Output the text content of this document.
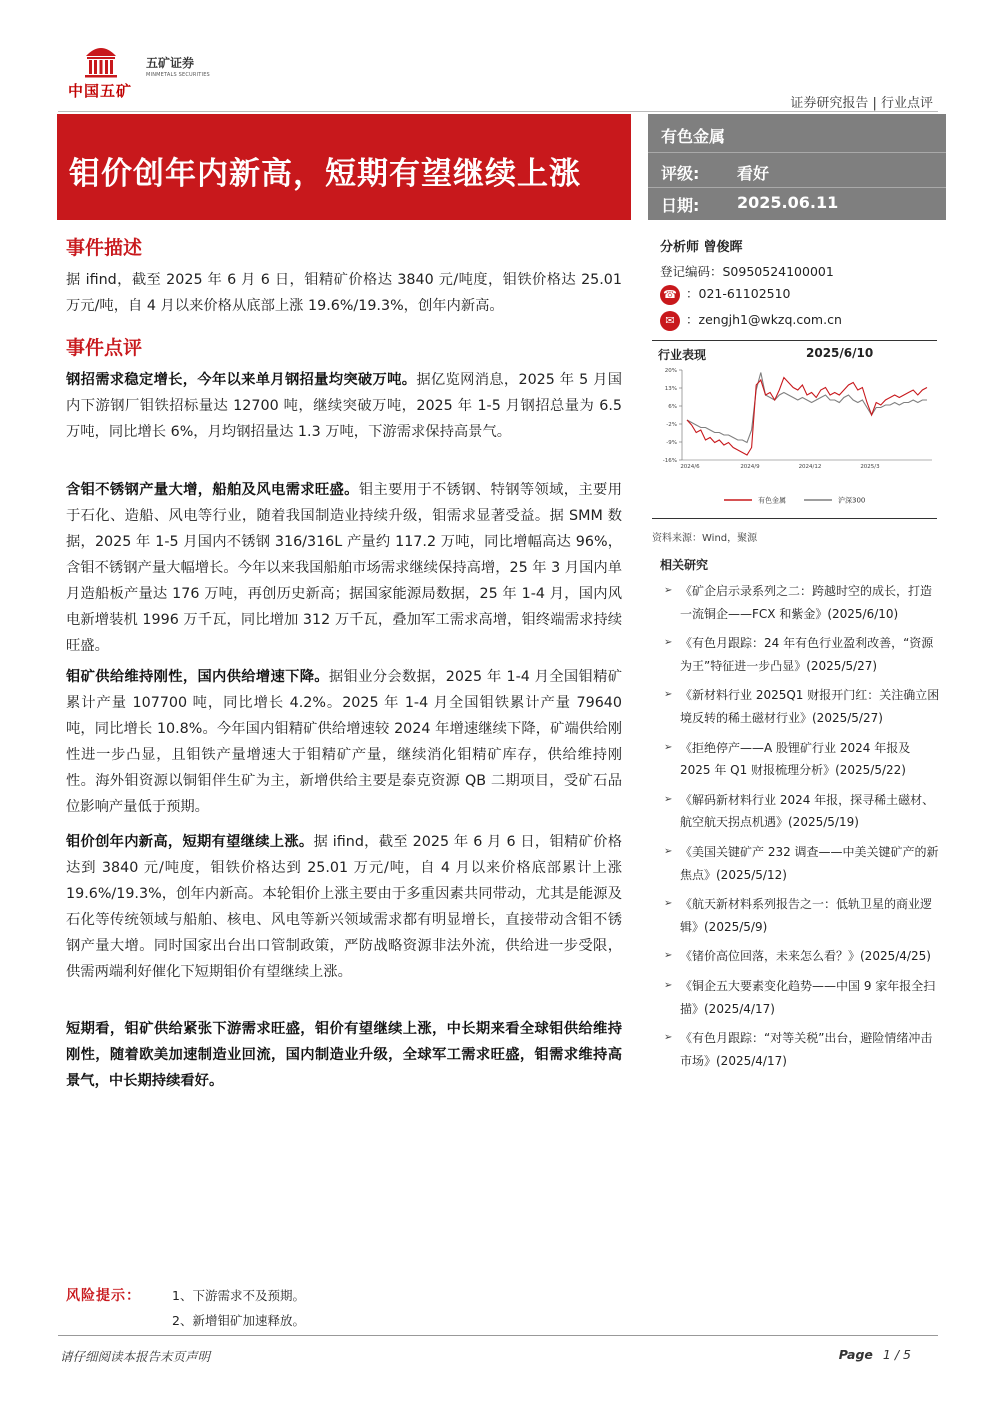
中国五矿
五矿证券
MINMETALS SECURITIES
证券研究报告 | 行业点评
钼价创年内新高，短期有望继续上涨
有色金属
评级: 看好
日期: 2025.06.11
事件描述
据 ifind，截至 2025 年 6 月 6 日，钼精矿价格达 3840 元/吨度，钼铁价格达 25.01 万元/吨，自 4 月以来价格从底部上涨 19.6%/19.3%，创年内新高。
事件点评
钢招需求稳定增长，今年以来单月钢招量均突破万吨。据亿览网消息，2025 年 5 月国内下游钢厂钼铁招标量达 12700 吨，继续突破万吨，2025 年 1-5 月钢招总量为 6.5 万吨，同比增长 6%，月均钢招量达 1.3 万吨，下游需求保持高景气。
含钼不锈钢产量大增，船舶及风电需求旺盛。钼主要用于不锈钢、特钢等领域，主要用于石化、造船、风电等行业，随着我国制造业持续升级，钼需求显著受益。据 SMM 数据，2025 年 1-5 月国内不锈钢 316/316L 产量约 117.2 万吨，同比增幅高达 96%，含钼不锈钢产量大幅增长。今年以来我国船舶市场需求继续保持高增，25 年 3 月国内单月造船板产量达 176 万吨，再创历史新高；据国家能源局数据，25 年 1-4 月，国内风电新增装机 1996 万千瓦，同比增加 312 万千瓦，叠加军工需求高增，钼终端需求持续旺盛。
钼矿供给维持刚性，国内供给增速下降。据钼业分会数据，2025 年 1-4 月全国钼精矿累计产量 107700 吨，同比增长 4.2%。2025 年 1-4 月全国钼铁累计产量 79640 吨，同比增长 10.8%。今年国内钼精矿供给增速较 2024 年增速继续下降，矿端供给刚性进一步凸显，且钼铁产量增速大于钼精矿产量，继续消化钼精矿库存，供给维持刚性。海外钼资源以铜钼伴生矿为主，新增供给主要是泰克资源 QB 二期项目，受矿石品位影响产量低于预期。
钼价创年内新高，短期有望继续上涨。据 ifind，截至 2025 年 6 月 6 日，钼精矿价格达到 3840 元/吨度，钼铁价格达到 25.01 万元/吨，自 4 月以来价格底部累计上涨 19.6%/19.3%，创年内新高。本轮钼价上涨主要由于多重因素共同带动，尤其是能源及石化等传统领域与船舶、核电、风电等新兴领域需求都有明显增长，直接带动含钼不锈钢产量大增。同时国家出台出口管制政策，严防战略资源非法外流，供给进一步受限，供需两端利好催化下短期钼价有望继续上涨。
短期看，钼矿供给紧张下游需求旺盛，钼价有望继续上涨，中长期来看全球钼供给维持刚性，随着欧美加速制造业回流，国内制造业升级，全球军工需求旺盛，钼需求维持高景气，中长期持续看好。
分析师 曾俊晖
登记编码：S0950524100001
☎ ：021-61102510
✉ ：zengjh1@wkzq.com.cn
行业表现	2025/6/10
20%
13%
6%
-2%
-9%
-16%
2024/6	2024/9	2024/12	2025/3
有色金属	沪深300
资料来源：Wind，聚源
相关研究
➢ 《矿企启示录系列之二：跨越时空的成长，打造一流铜企——FCX 和紫金》(2025/6/10)
➢ 《有色月跟踪：24 年有色行业盈利改善，“资源为王”特征进一步凸显》(2025/5/27)
➢ 《新材料行业 2025Q1 财报开门红：关注确立困境反转的稀土磁材行业》(2025/5/27)
➢ 《拒绝停产——A 股锂矿行业 2024 年报及 2025 年 Q1 财报梳理分析》(2025/5/22)
➢ 《解码新材料行业 2024 年报，探寻稀土磁材、航空航天拐点机遇》(2025/5/19)
➢ 《美国关键矿产 232 调查——中美关键矿产的新焦点》(2025/5/12)
➢ 《航天新材料系列报告之一：低轨卫星的商业逻辑》(2025/5/9)
➢ 《锗价高位回落，未来怎么看？》(2025/4/25)
➢ 《铜企五大要素变化趋势——中国 9 家年报全扫描》(2025/4/17)
➢ 《有色月跟踪：“对等关税”出台，避险情绪冲击市场》(2025/4/17)
风险提示： 1、下游需求不及预期。
2、新增钼矿加速释放。
请仔细阅读本报告末页声明	Page 1 / 5
